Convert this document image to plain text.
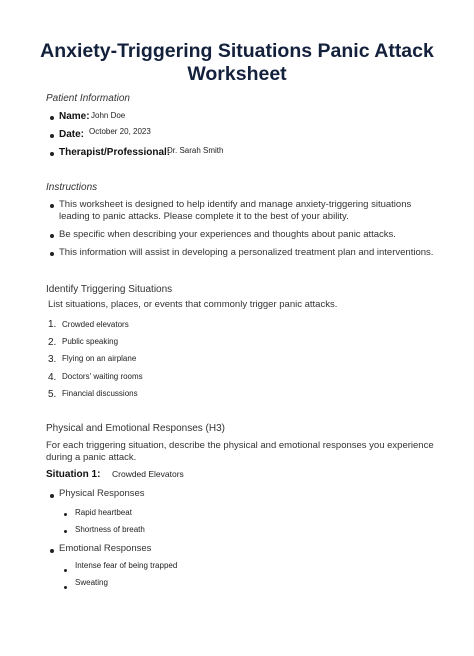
Anxiety-Triggering Situations Panic Attack Worksheet
Patient Information
Name: John Doe
Date: October 20, 2023
Therapist/Professional:
Dr. Sarah Smith
Instructions
This worksheet is designed to help identify and manage anxiety-triggering situations leading to panic attacks. Please complete it to the best of your ability.
Be specific when describing your experiences and thoughts about panic attacks.
This information will assist in developing a personalized treatment plan and interventions.
Identify Triggering Situations
List situations, places, or events that commonly trigger panic attacks.
1. Crowded elevators
2. Public speaking
3. Flying on an airplane
4. Doctors' waiting rooms
5. Financial discussions
Physical and Emotional Responses (H3)
For each triggering situation, describe the physical and emotional responses you experience during a panic attack.
Situation 1: Crowded Elevators
Physical Responses
Rapid heartbeat
Shortness of breath
Emotional Responses
Intense fear of being trapped
Sweating
